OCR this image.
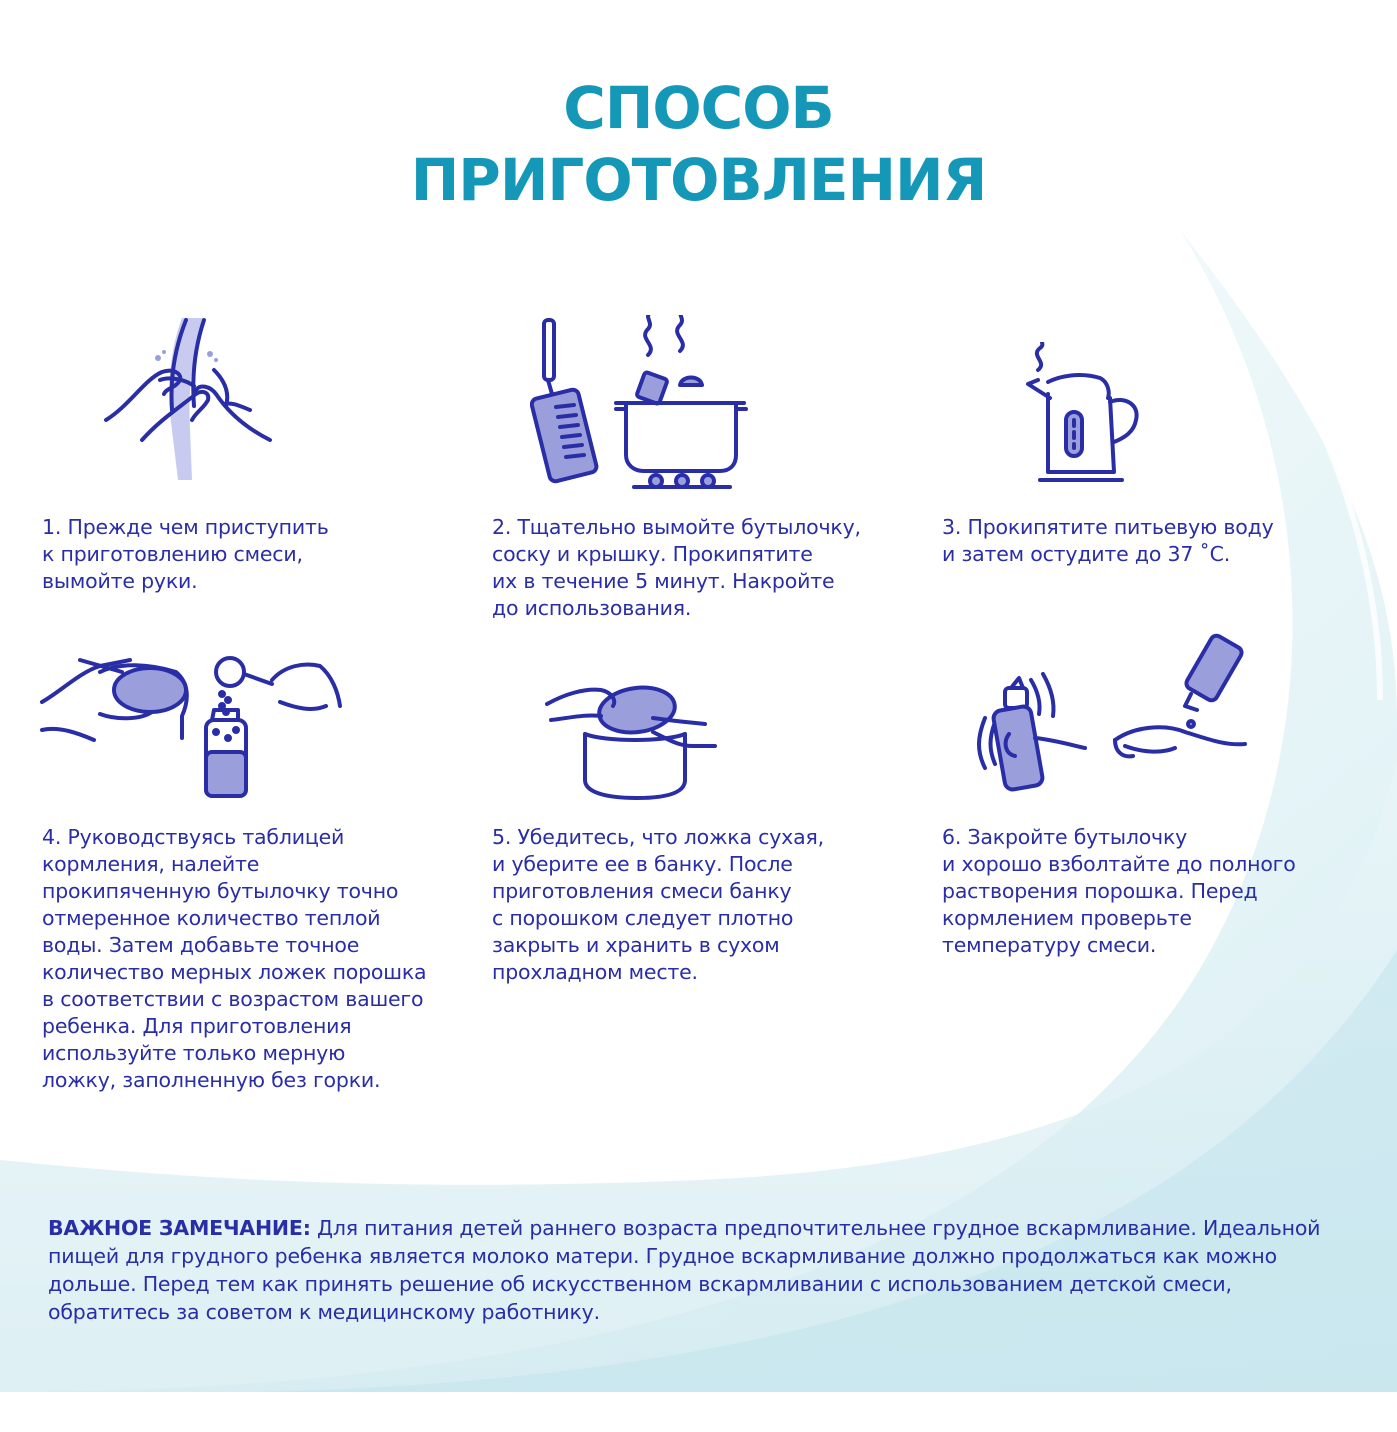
СПОСОБ
ПРИГОТОВЛЕНИЯ
1. Прежде чем приступить
к приготовлению смеси,
вымойте руки.
2. Тщательно вымойте бутылочку,
соску и крышку. Прокипятите
их в течение 5 минут. Накройте
до использования.
3. Прокипятите питьевую воду
и затем остудите до 37 ˚С.
4. Руководствуясь таблицей
кормления, налейте
прокипяченную бутылочку точно
отмеренное количество теплой
воды. Затем добавьте точное
количество мерных ложек порошка
в соответствии с возрастом вашего
ребенка. Для приготовления
используйте только мерную
ложку, заполненную без горки.
5. Убедитесь, что ложка сухая,
и уберите ее в банку. После
приготовления смеси банку
с порошком следует плотно
закрыть и хранить в сухом
прохладном месте.
6. Закройте бутылочку
и хорошо взболтайте до полного
растворения порошка. Перед
кормлением проверьте
температуру смеси.
ВАЖНОЕ ЗАМЕЧАНИЕ: Для питания детей раннего возраста предпочтительнее грудное вскармливание. Идеальной пищей для грудного ребенка является молоко матери. Грудное вскармливание должно продолжаться как можно дольше. Перед тем как принять решение об искусственном вскармливании с использованием детской смеси, обратитесь за советом к медицинскому работнику.
